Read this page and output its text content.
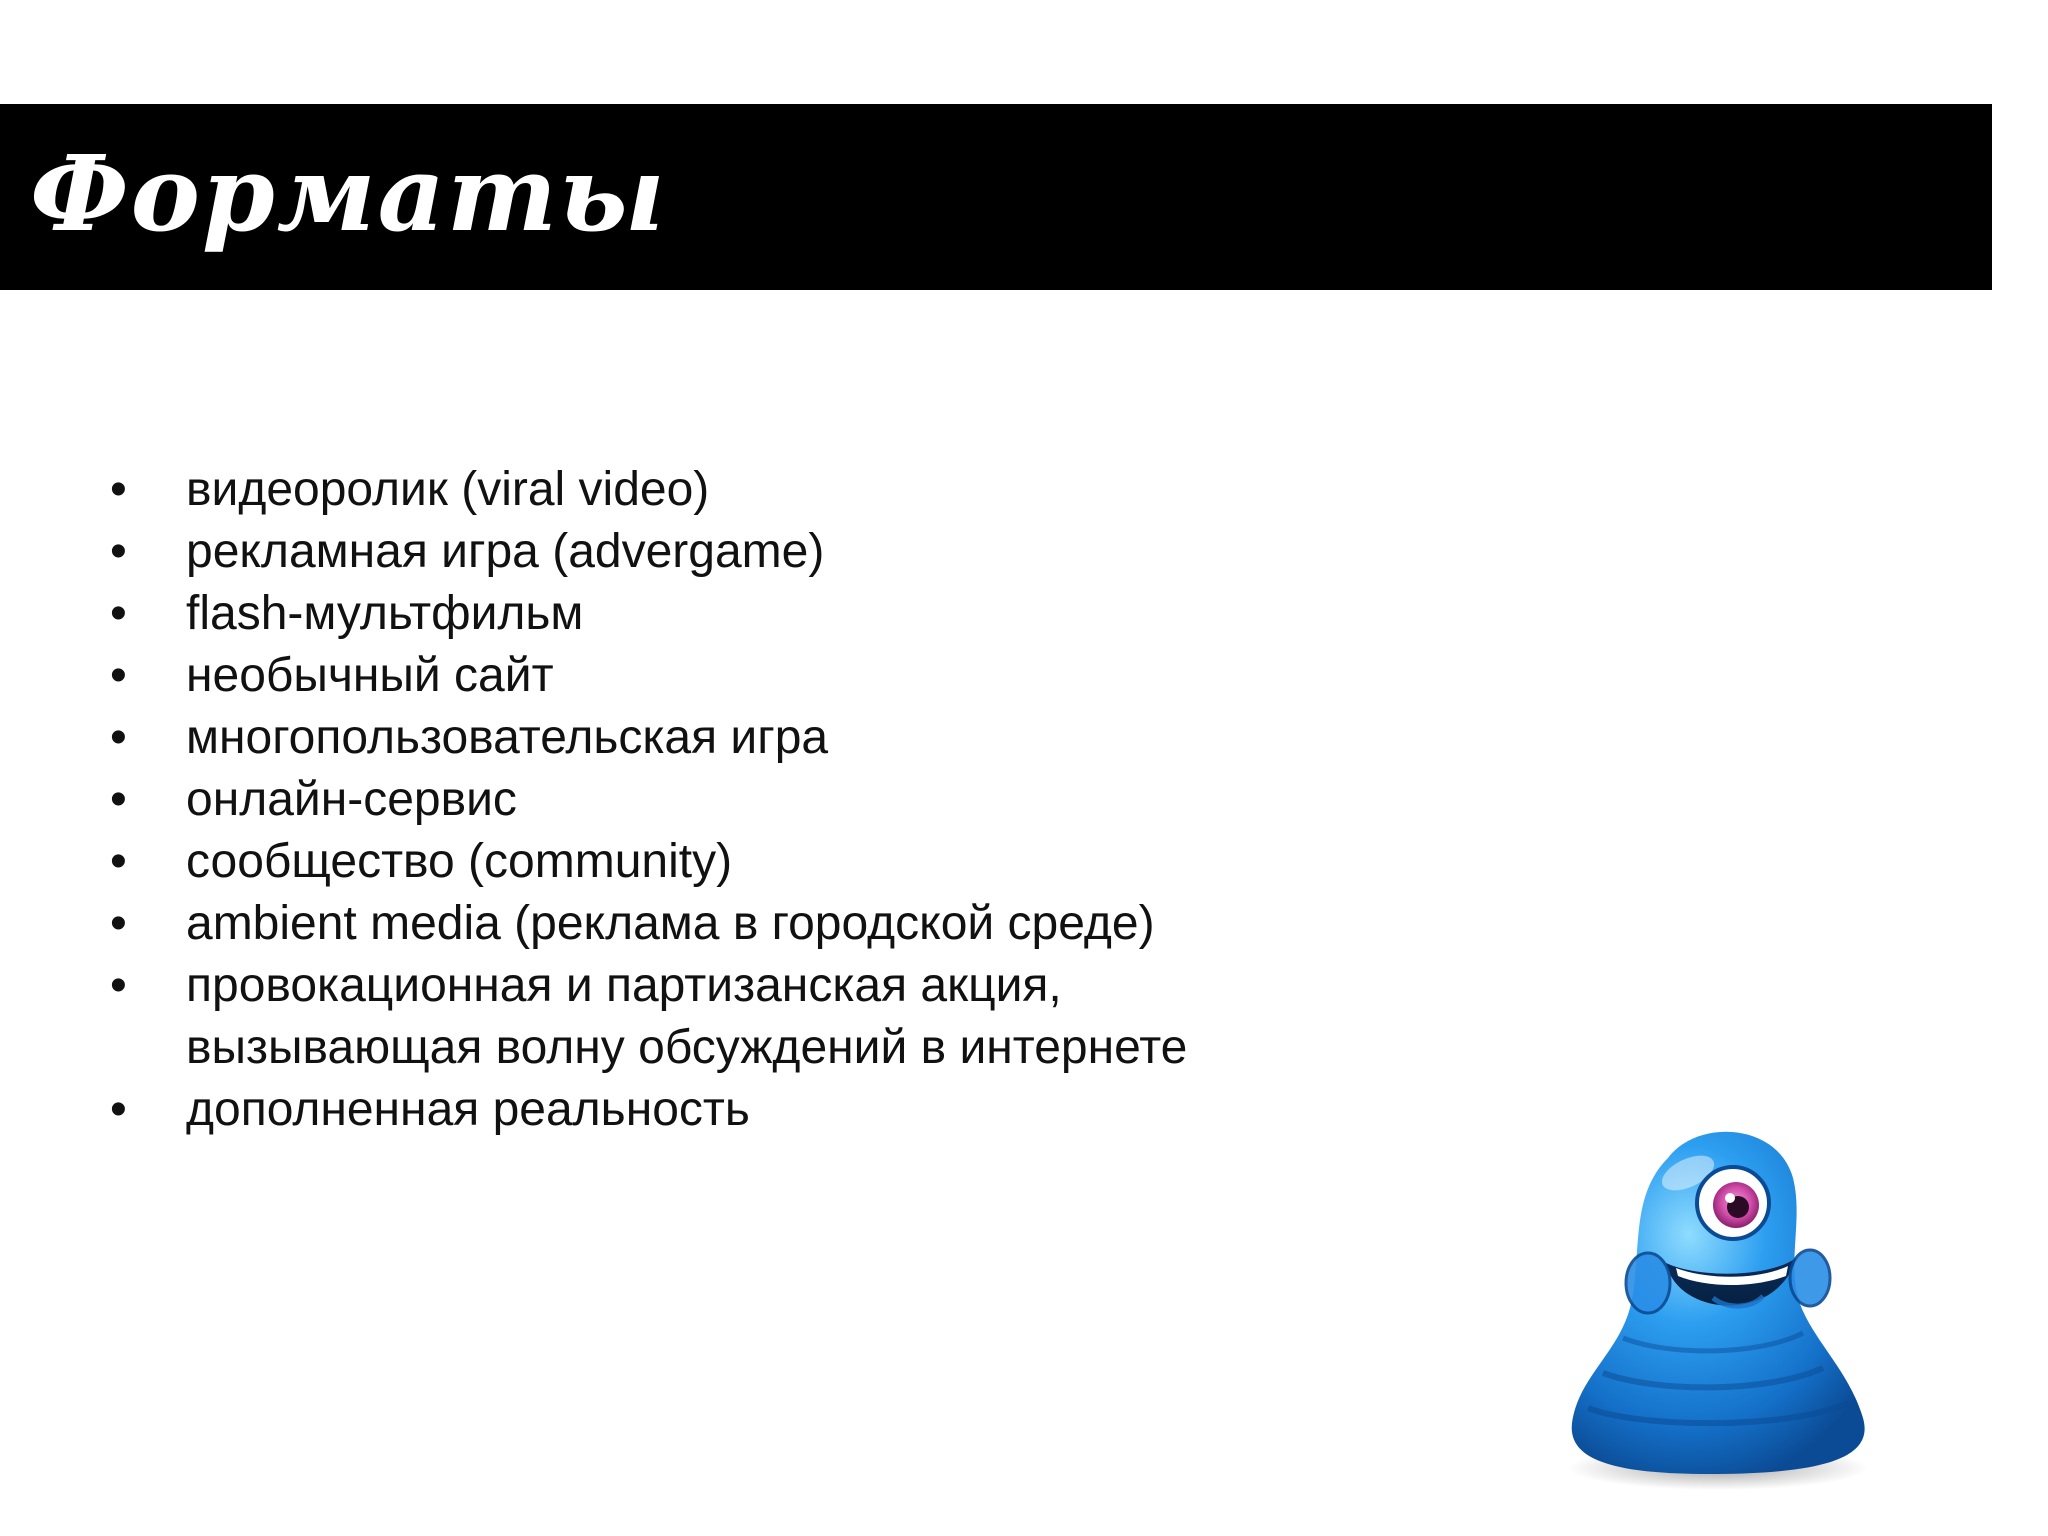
Форматы
• видеоролик (viral video)
• рекламная игра (advergame)
• flash-мультфильм
• необычный сайт
• многопользовательская игра
• онлайн-сервис
• сообщество (community)
• ambient media (реклама в городской среде)
• провокационная и партизанская акция,
вызывающая волну обсуждений в интернете
• дополненная реальность
